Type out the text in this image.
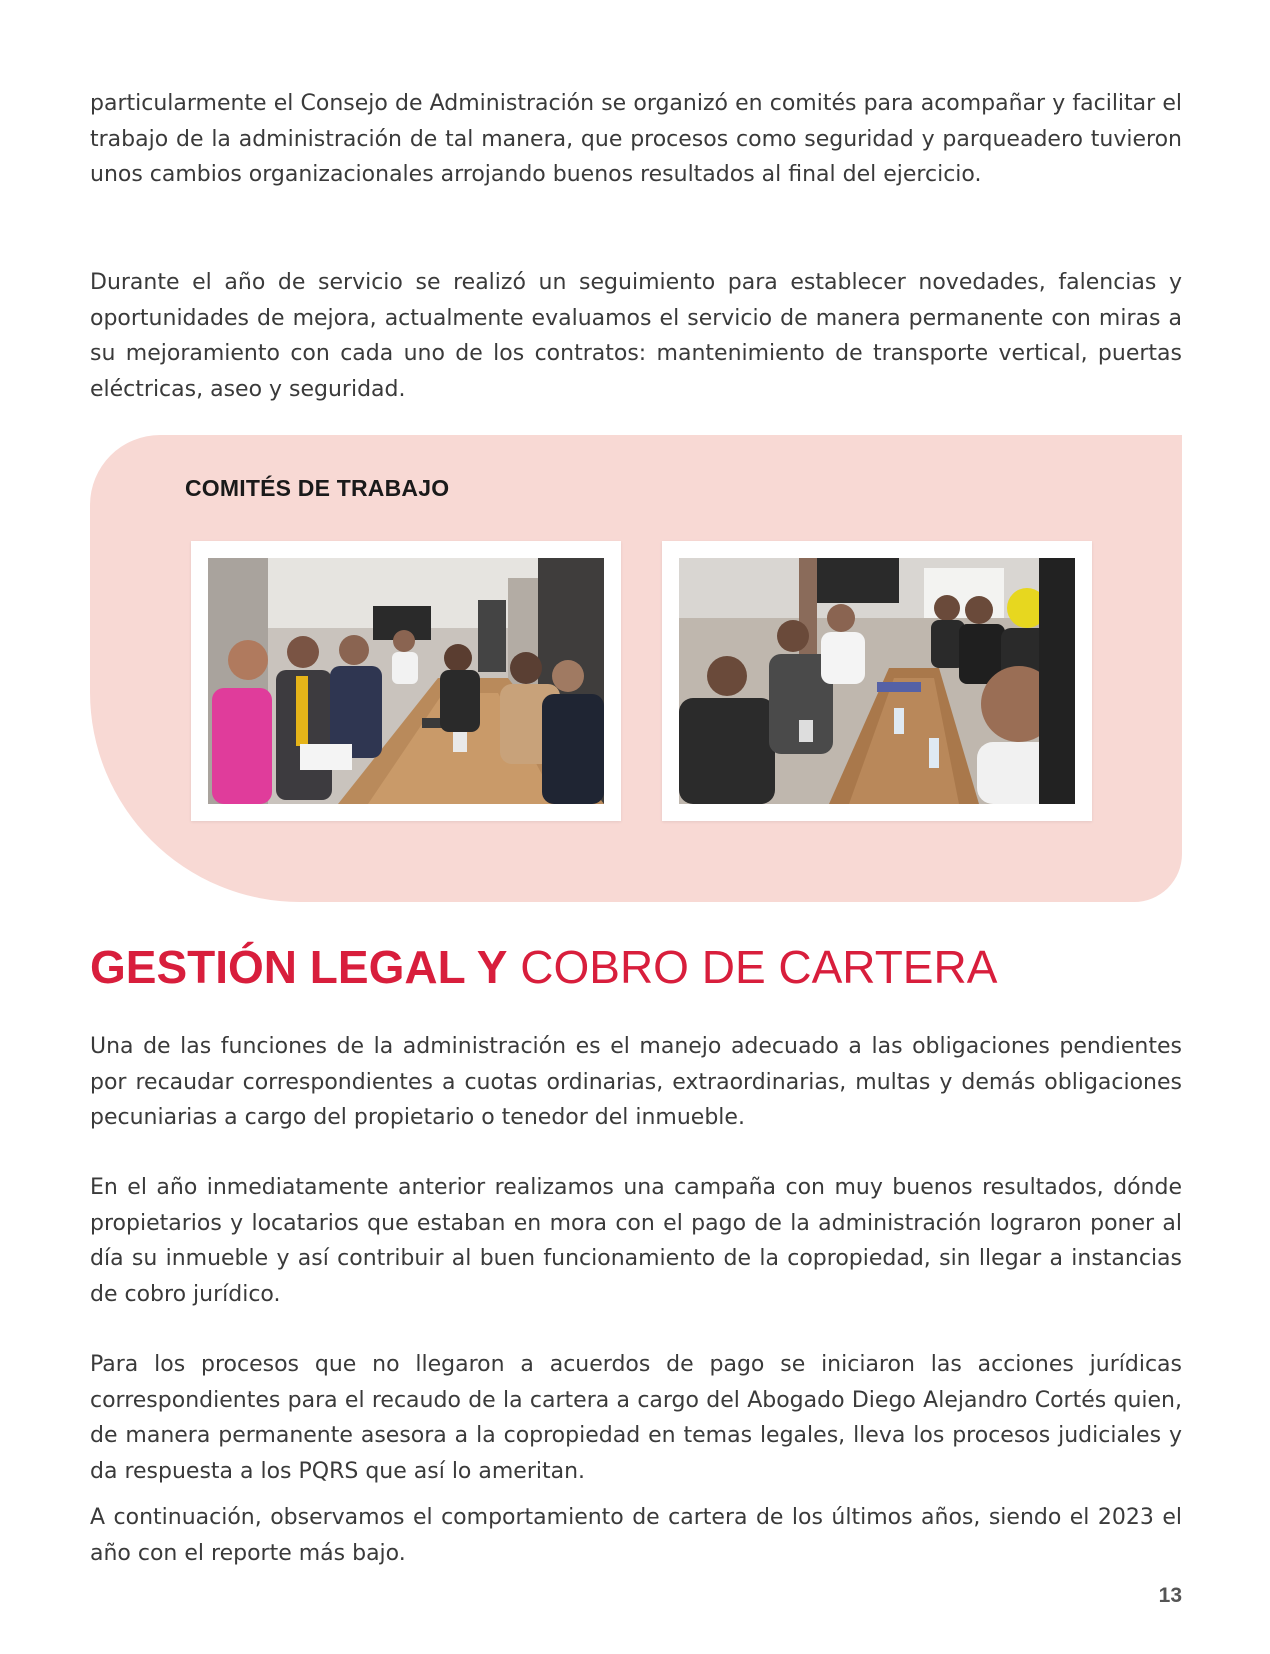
particularmente el Consejo de Administración se organizó en comités para acompañar y facilitar el trabajo de la administración de tal manera, que procesos como seguridad y parqueadero tuvieron unos cambios organizacionales arrojando buenos resultados al final del ejercicio.

Durante el año de servicio se realizó un seguimiento para establecer novedades, falencias y oportunidades de mejora, actualmente evaluamos el servicio de manera permanente con miras a su mejoramiento con cada uno de los contratos: mantenimiento de transporte vertical, puertas eléctricas, aseo y seguridad.

COMITÉS DE TRABAJO
GESTIÓN LEGAL Y COBRO DE CARTERA

Una de las funciones de la administración es el manejo adecuado a las obligaciones pendientes por recaudar correspondientes a cuotas ordinarias, extraordinarias, multas y demás obligaciones pecuniarias a cargo del propietario o tenedor del inmueble.

En el año inmediatamente anterior realizamos una campaña con muy buenos resultados, dónde propietarios y locatarios que estaban en mora con el pago de la administración lograron poner al día su inmueble y así contribuir al buen funcionamiento de la copropiedad, sin llegar a instancias de cobro jurídico.

Para los procesos que no llegaron a acuerdos de pago se iniciaron las acciones jurídicas correspondientes para el recaudo de la cartera a cargo del Abogado Diego Alejandro Cortés quien, de manera permanente asesora a la copropiedad en temas legales, lleva los procesos judiciales y da respuesta a los PQRS que así lo ameritan.

A continuación, observamos el comportamiento de cartera de los últimos años, siendo el 2023 el año con el reporte más bajo.

13
